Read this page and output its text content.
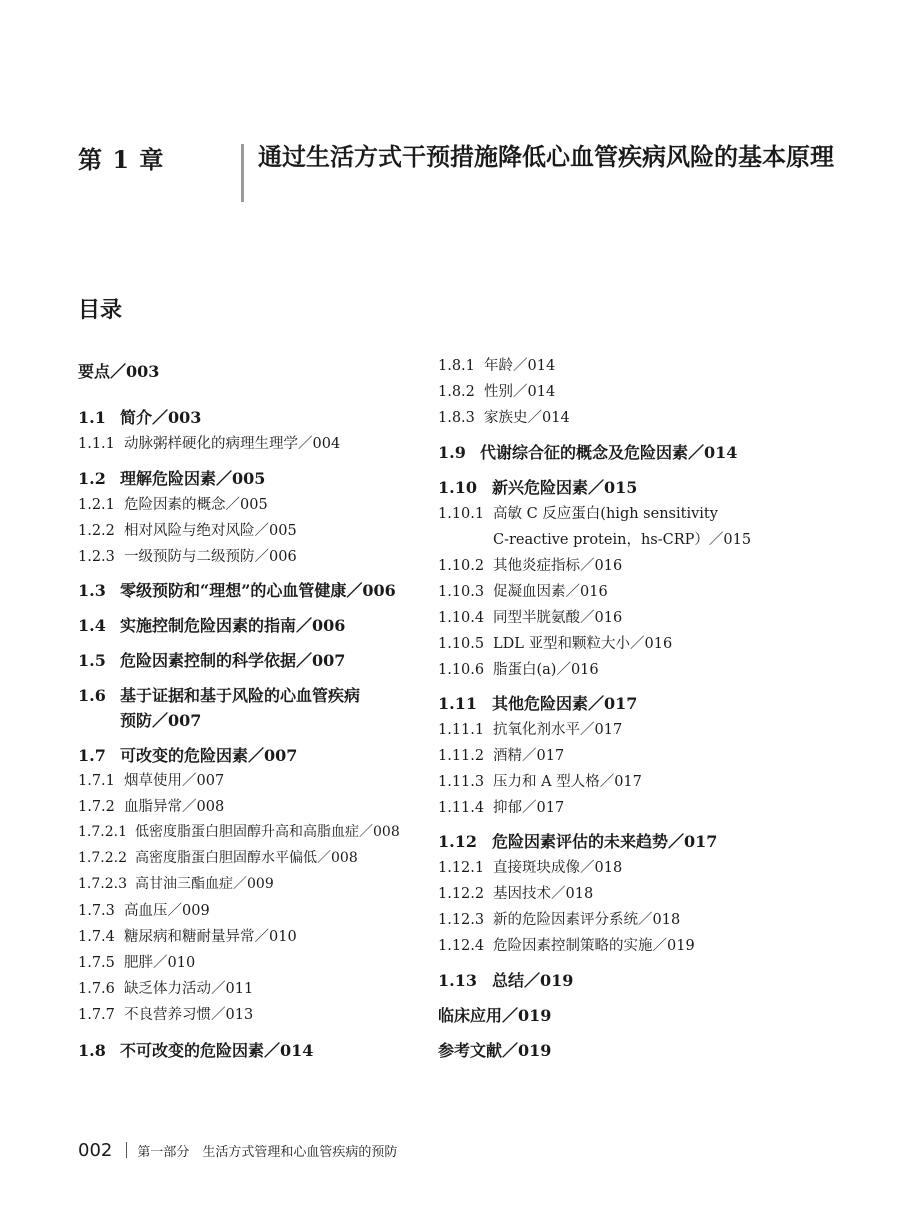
第 1 章	通过生活方式干预措施降低心血管疾病风险的基本原理
目录
要点／003
1.1 简介／003
1.1.1 动脉粥样硬化的病理生理学／004
1.2 理解危险因素／005
1.2.1 危险因素的概念／005
1.2.2 相对风险与绝对风险／005
1.2.3 一级预防与二级预防／006
1.3 零级预防和“理想”的心血管健康／006
1.4 实施控制危险因素的指南／006
1.5 危险因素控制的科学依据／007
1.6 基于证据和基于风险的心血管疾病
预防／007
1.7 可改变的危险因素／007
1.7.1 烟草使用／007
1.7.2 血脂异常／008
1.7.2.1 低密度脂蛋白胆固醇升高和高脂血症／008
1.7.2.2 高密度脂蛋白胆固醇水平偏低／008
1.7.2.3 高甘油三酯血症／009
1.7.3 高血压／009
1.7.4 糖尿病和糖耐量异常／010
1.7.5 肥胖／010
1.7.6 缺乏体力活动／011
1.7.7 不良营养习惯／013
1.8 不可改变的危险因素／014
1.8.1 年龄／014
1.8.2 性别／014
1.8.3 家族史／014
1.9 代谢综合征的概念及危险因素／014
1.10 新兴危险因素／015
1.10.1 高敏 C 反应蛋白(high sensitivity
C-reactive protein，hs-CRP）／015
1.10.2 其他炎症指标／016
1.10.3 促凝血因素／016
1.10.4 同型半胱氨酸／016
1.10.5 LDL 亚型和颗粒大小／016
1.10.6 脂蛋白(a)／016
1.11 其他危险因素／017
1.11.1 抗氧化剂水平／017
1.11.2 酒精／017
1.11.3 压力和 A 型人格／017
1.11.4 抑郁／017
1.12 危险因素评估的未来趋势／017
1.12.1 直接斑块成像／018
1.12.2 基因技术／018
1.12.3 新的危险因素评分系统／018
1.12.4 危险因素控制策略的实施／019
1.13 总结／019
临床应用／019
参考文献／019
002 第一部分　生活方式管理和心血管疾病的预防
